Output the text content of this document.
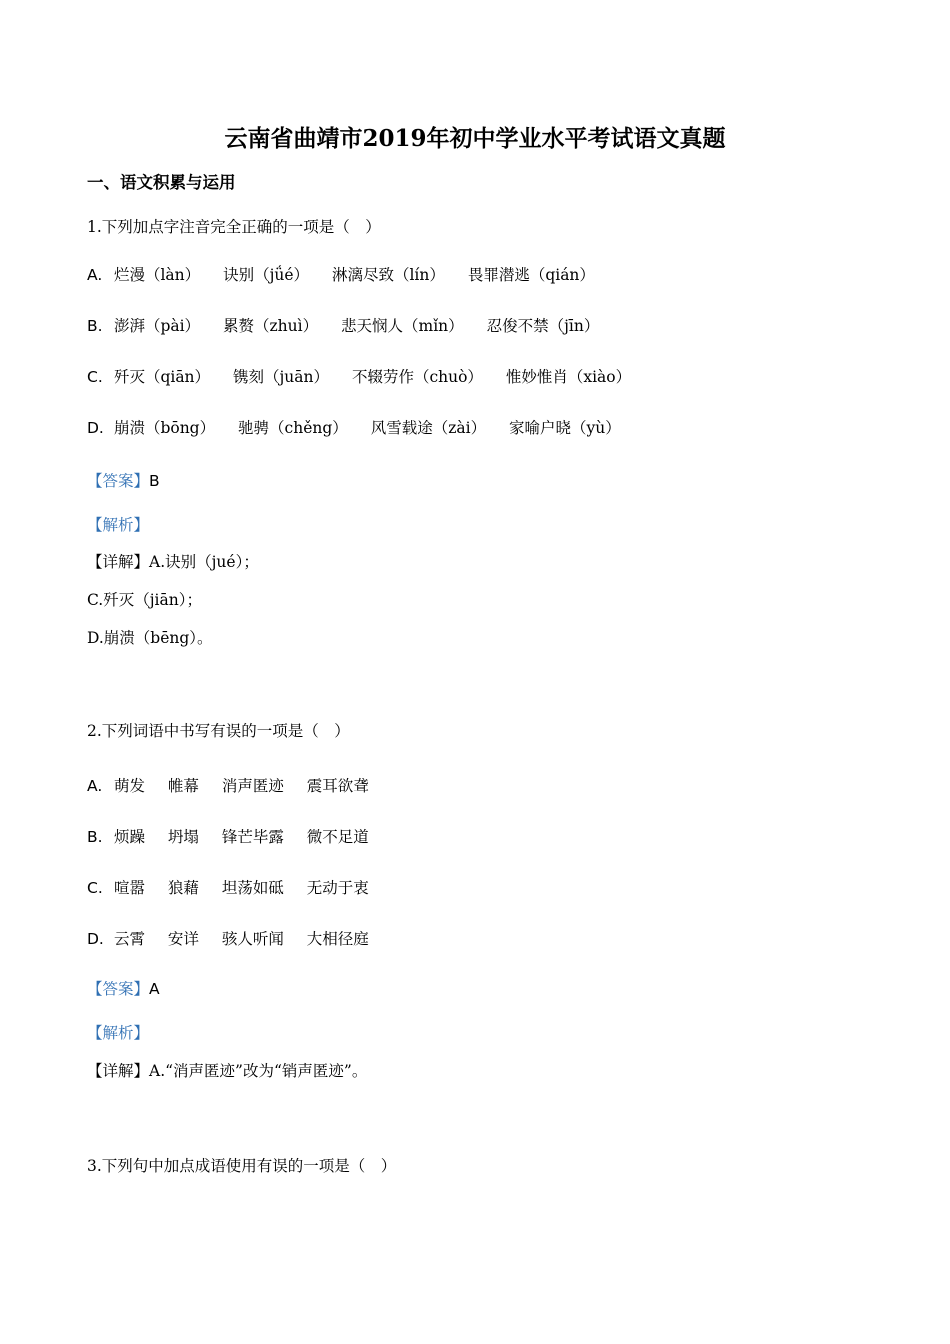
云南省曲靖市2019年初中学业水平考试语文真题
一、语文积累与运用
1.下列加点字注音完全正确的一项是（　）
A. 烂漫（làn） 诀别（jǘé） 淋漓尽致（lín） 畏罪潜逃（qián）
B. 澎湃（pài） 累赘（zhuì） 悲天悯人（mǐn） 忍俊不禁（jīn）
C. 歼灭（qiān） 镌刻（juān） 不辍劳作（chuò） 惟妙惟肖（xiào）
D. 崩溃（bōng） 驰骋（chěng） 风雪载途（zài） 家喻户晓（yù）
【答案】B
【解析】
【详解】A.诀别（jué）；
C.歼灭（jiān）；
D.崩溃（bēng）。
2.下列词语中书写有误的一项是（　）
A. 萌发 帷幕 消声匿迹 震耳欲聋
B. 烦躁 坍塌 锋芒毕露 微不足道
C. 喧嚣 狼藉 坦荡如砥 无动于衷
D. 云霄 安详 骇人听闻 大相径庭
【答案】A
【解析】
【详解】A.“消声匿迹”改为“销声匿迹”。
3.下列句中加点成语使用有误的一项是（　）
